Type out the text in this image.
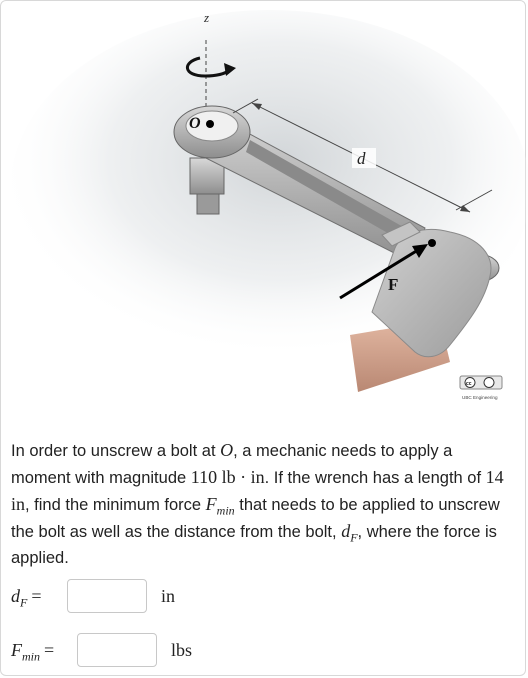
z
O
d
F
cc
UBC Engineering
In order to unscrew a bolt at O, a mechanic needs to apply a moment with magnitude 110 lb · in. If the wrench has a length of 14 in, find the minimum force $F_{min}$ that needs to be applied to unscrew the bolt as well as the distance from the bolt, $d_F$, where the force is applied.
$d_F$ =	in
$F_{min}$ =	lbs
